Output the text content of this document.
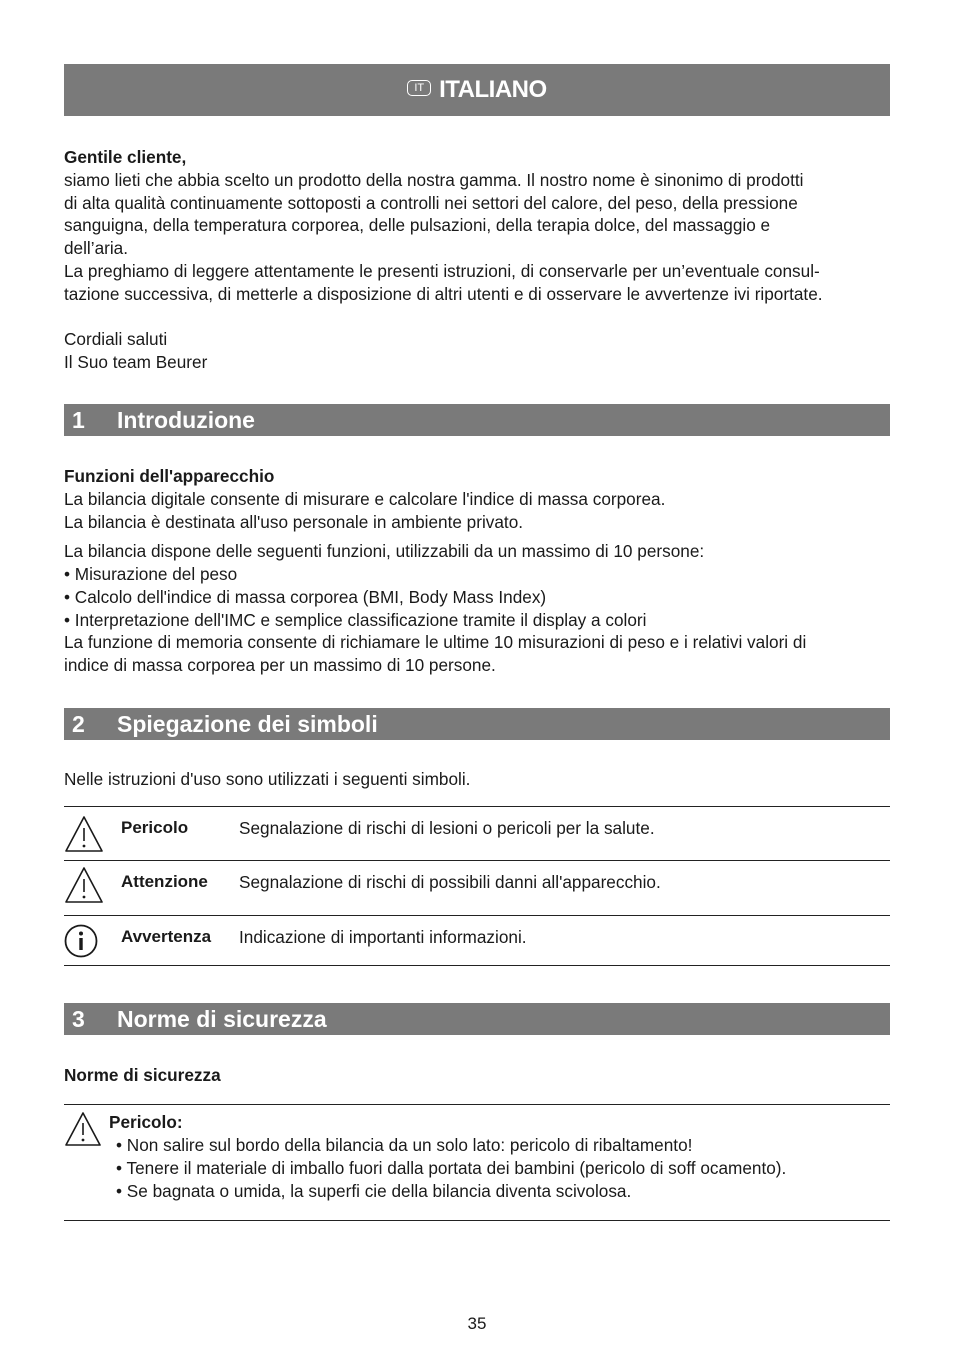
IT ITALIANO
Gentile cliente,
siamo lieti che abbia scelto un prodotto della nostra gamma. Il nostro nome è sinonimo di prodotti
di alta qualità continuamente sottoposti a controlli nei settori del calore, del peso, della pressione
sanguigna, della temperatura corporea, delle pulsazioni, della terapia dolce, del massaggio e
dell’aria.
La preghiamo di leggere attentamente le presenti istruzioni, di conservarle per un’eventuale consul-
tazione successiva, di metterle a disposizione di altri utenti e di osservare le avvertenze ivi riportate.
Cordiali saluti
Il Suo team Beurer
1 Introduzione
Funzioni dell'apparecchio
La bilancia digitale consente di misurare e calcolare l'indice di massa corporea.
La bilancia è destinata all'uso personale in ambiente privato.
La bilancia dispone delle seguenti funzioni, utilizzabili da un massimo di 10 persone:
• Misurazione del peso
• Calcolo dell'indice di massa corporea (BMI, Body Mass Index)
• Interpretazione dell'IMC e semplice classificazione tramite il display a colori
La funzione di memoria consente di richiamare le ultime 10 misurazioni di peso e i relativi valori di
indice di massa corporea per un massimo di 10 persone.
2 Spiegazione dei simboli
Nelle istruzioni d'uso sono utilizzati i seguenti simboli.
Pericolo	Segnalazione di rischi di lesioni o pericoli per la salute.
Attenzione Segnalazione di rischi di possibili danni all'apparecchio.
Avvertenza Indicazione di importanti informazioni.
3 Norme di sicurezza
Norme di sicurezza
Pericolo:
• Non salire sul bordo della bilancia da un solo lato: pericolo di ribaltamento!
• Tenere il materiale di imballo fuori dalla portata dei bambini (pericolo di soff ocamento).
• Se bagnata o umida, la superfi cie della bilancia diventa scivolosa.
35
